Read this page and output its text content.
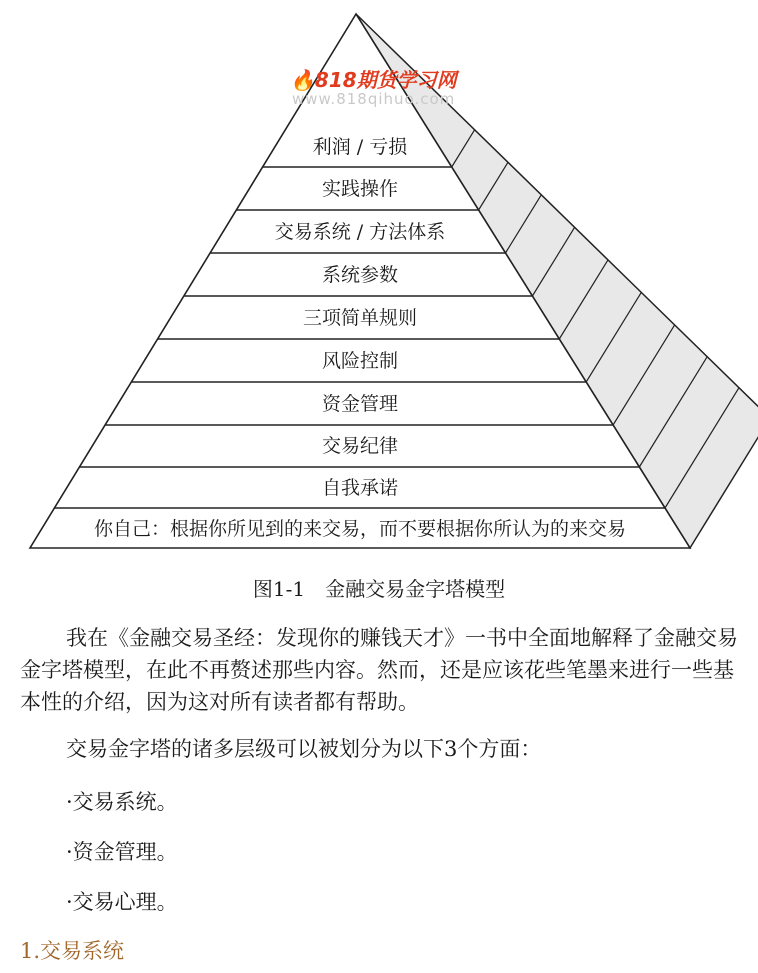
利润 / 亏损
实践操作
交易系统 / 方法体系
系统参数
三项简单规则
风险控制
资金管理
交易纪律
自我承诺
你自己：根据你所见到的来交易，而不要根据你所认为的来交易
🔥818期货学习网
www.818qihuo.com
图1-1　金融交易金字塔模型

我在《金融交易圣经：发现你的赚钱天才》一书中全面地解释了金融交易金字塔模型，在此不再赘述那些内容。然而，还是应该花些笔墨来进行一些基本性的介绍，因为这对所有读者都有帮助。

交易金字塔的诸多层级可以被划分为以下3个方面：

·交易系统。

·资金管理。

·交易心理。

1.交易系统
